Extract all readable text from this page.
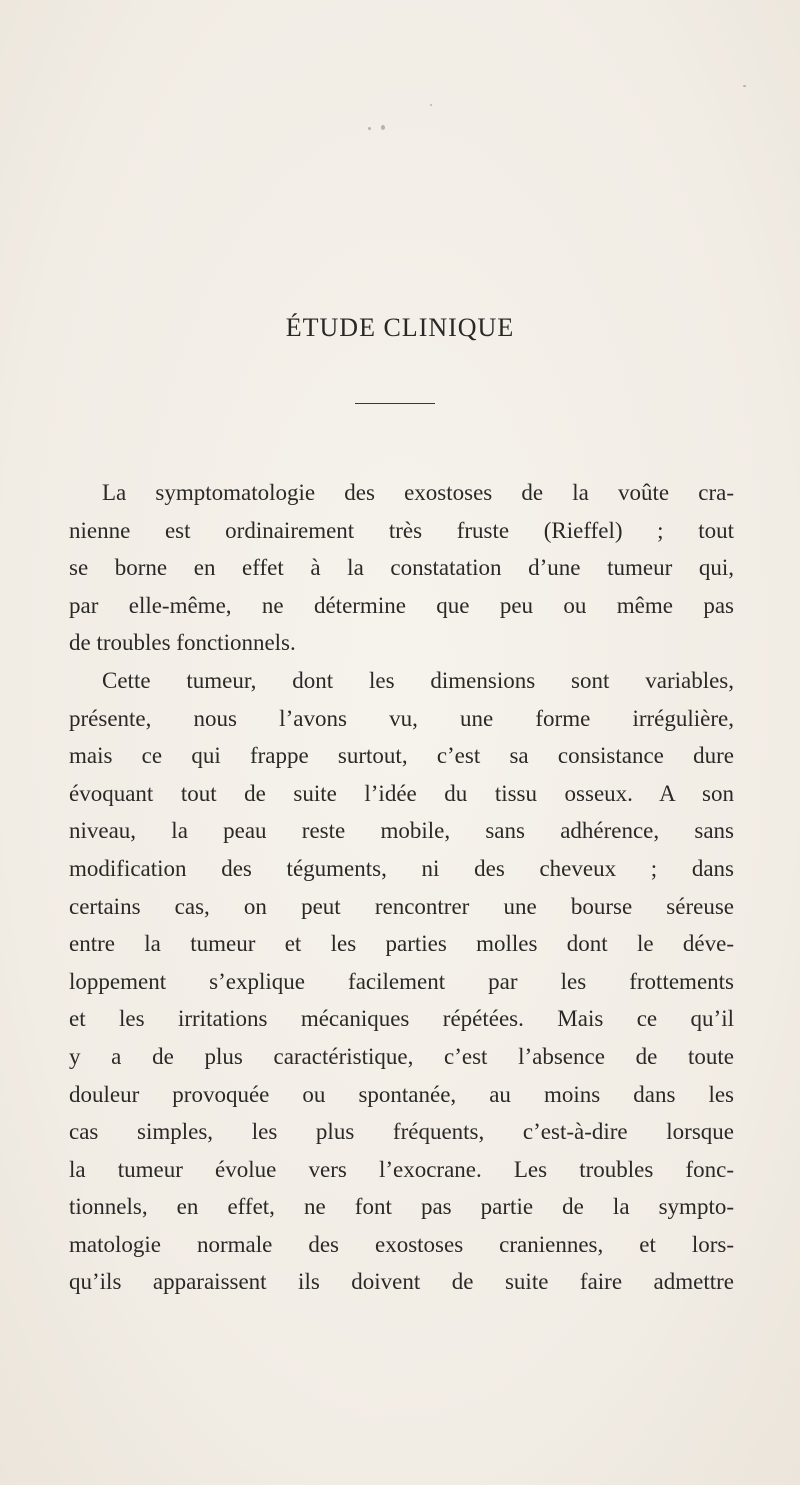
ÉTUDE CLINIQUE
La symptomatologie des exostoses de la voûte cra-
nienne est ordinairement très fruste (Rieffel) ; tout
se borne en effet à la constatation d’une tumeur qui,
par elle-même, ne détermine que peu ou même pas
de troubles fonctionnels.
Cette tumeur, dont les dimensions sont variables,
présente, nous l’avons vu, une forme irrégulière,
mais ce qui frappe surtout, c’est sa consistance dure
évoquant tout de suite l’idée du tissu osseux. A son
niveau, la peau reste mobile, sans adhérence, sans
modification des téguments, ni des cheveux ; dans
certains cas, on peut rencontrer une bourse séreuse
entre la tumeur et les parties molles dont le déve-
loppement s’explique facilement par les frottements
et les irritations mécaniques répétées. Mais ce qu’il
y a de plus caractéristique, c’est l’absence de toute
douleur provoquée ou spontanée, au moins dans les
cas simples, les plus fréquents, c’est-à-dire lorsque
la tumeur évolue vers l’exocrane. Les troubles fonc-
tionnels, en effet, ne font pas partie de la sympto-
matologie normale des exostoses craniennes, et lors-
qu’ils apparaissent ils doivent de suite faire admettre
